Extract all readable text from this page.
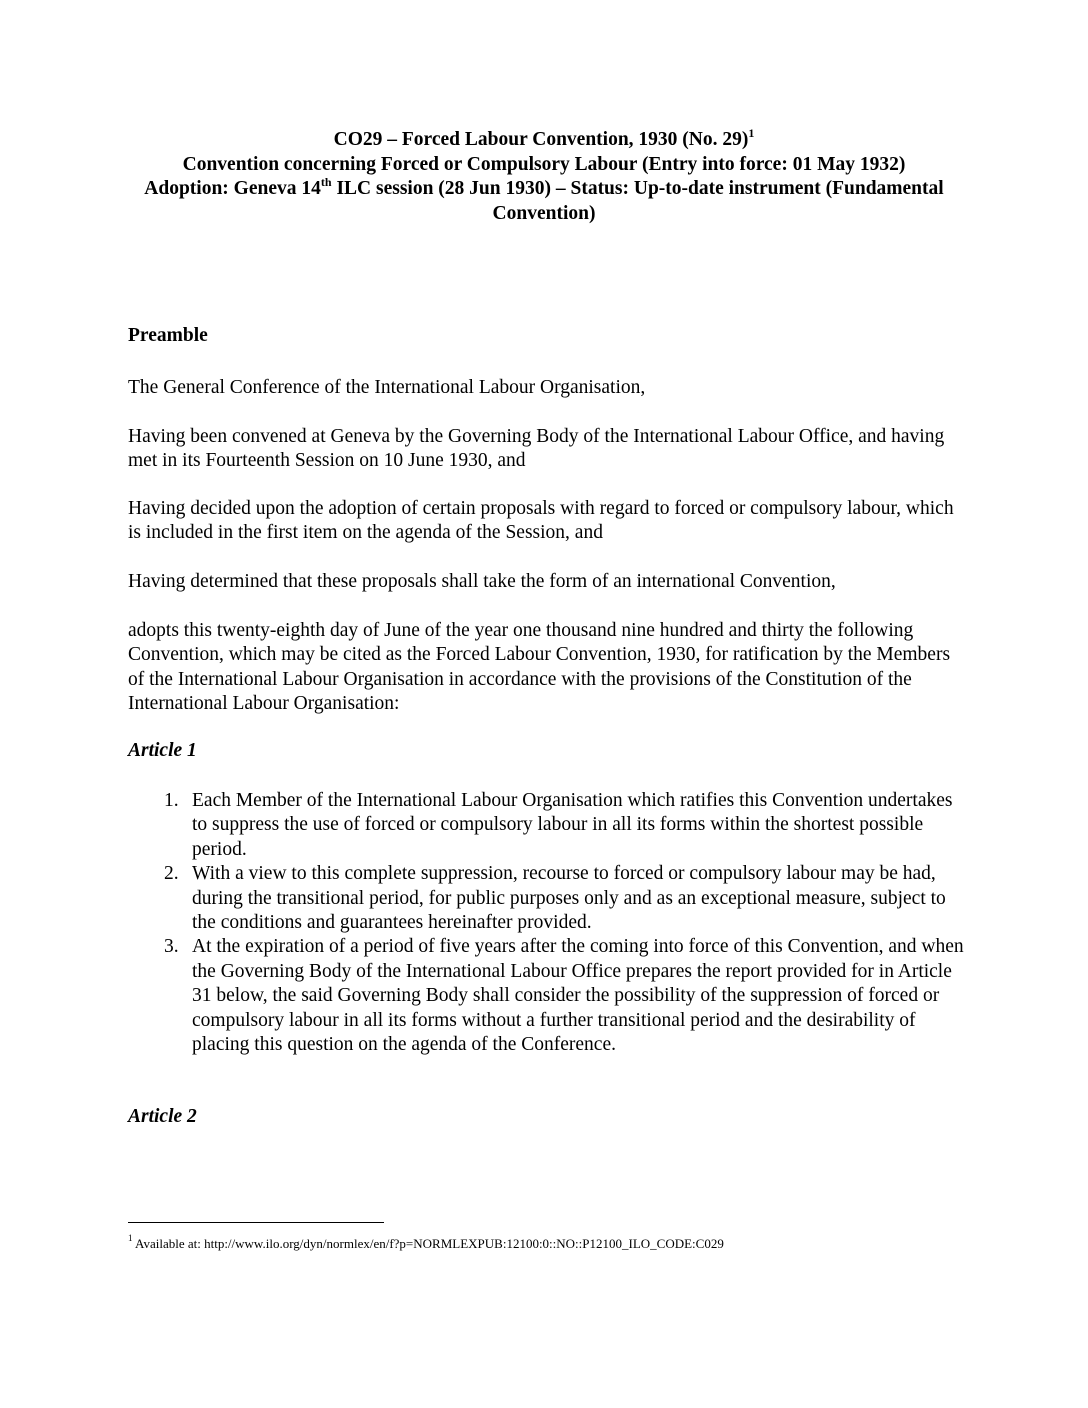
CO29 – Forced Labour Convention, 1930 (No. 29)$^1$
Convention concerning Forced or Compulsory Labour (Entry into force: 01 May 1932)
Adoption: Geneva 14th ILC session (28 Jun 1930) – Status: Up-to-date instrument (Fundamental Convention)
Preamble
The General Conference of the International Labour Organisation,
Having been convened at Geneva by the Governing Body of the International Labour Office, and having met in its Fourteenth Session on 10 June 1930, and
Having decided upon the adoption of certain proposals with regard to forced or compulsory labour, which is included in the first item on the agenda of the Session, and
Having determined that these proposals shall take the form of an international Convention,
adopts this twenty-eighth day of June of the year one thousand nine hundred and thirty the following Convention, which may be cited as the Forced Labour Convention, 1930, for ratification by the Members of the International Labour Organisation in accordance with the provisions of the Constitution of the International Labour Organisation:
Article 1
1. Each Member of the International Labour Organisation which ratifies this Convention undertakes to suppress the use of forced or compulsory labour in all its forms within the shortest possible period.
2. With a view to this complete suppression, recourse to forced or compulsory labour may be had, during the transitional period, for public purposes only and as an exceptional measure, subject to the conditions and guarantees hereinafter provided.
3. At the expiration of a period of five years after the coming into force of this Convention, and when the Governing Body of the International Labour Office prepares the report provided for in Article 31 below, the said Governing Body shall consider the possibility of the suppression of forced or compulsory labour in all its forms without a further transitional period and the desirability of placing this question on the agenda of the Conference.
Article 2
$^1$ Available at: http://www.ilo.org/dyn/normlex/en/f?p=NORMLEXPUB:12100:0::NO::P12100_ILO_CODE:C029
